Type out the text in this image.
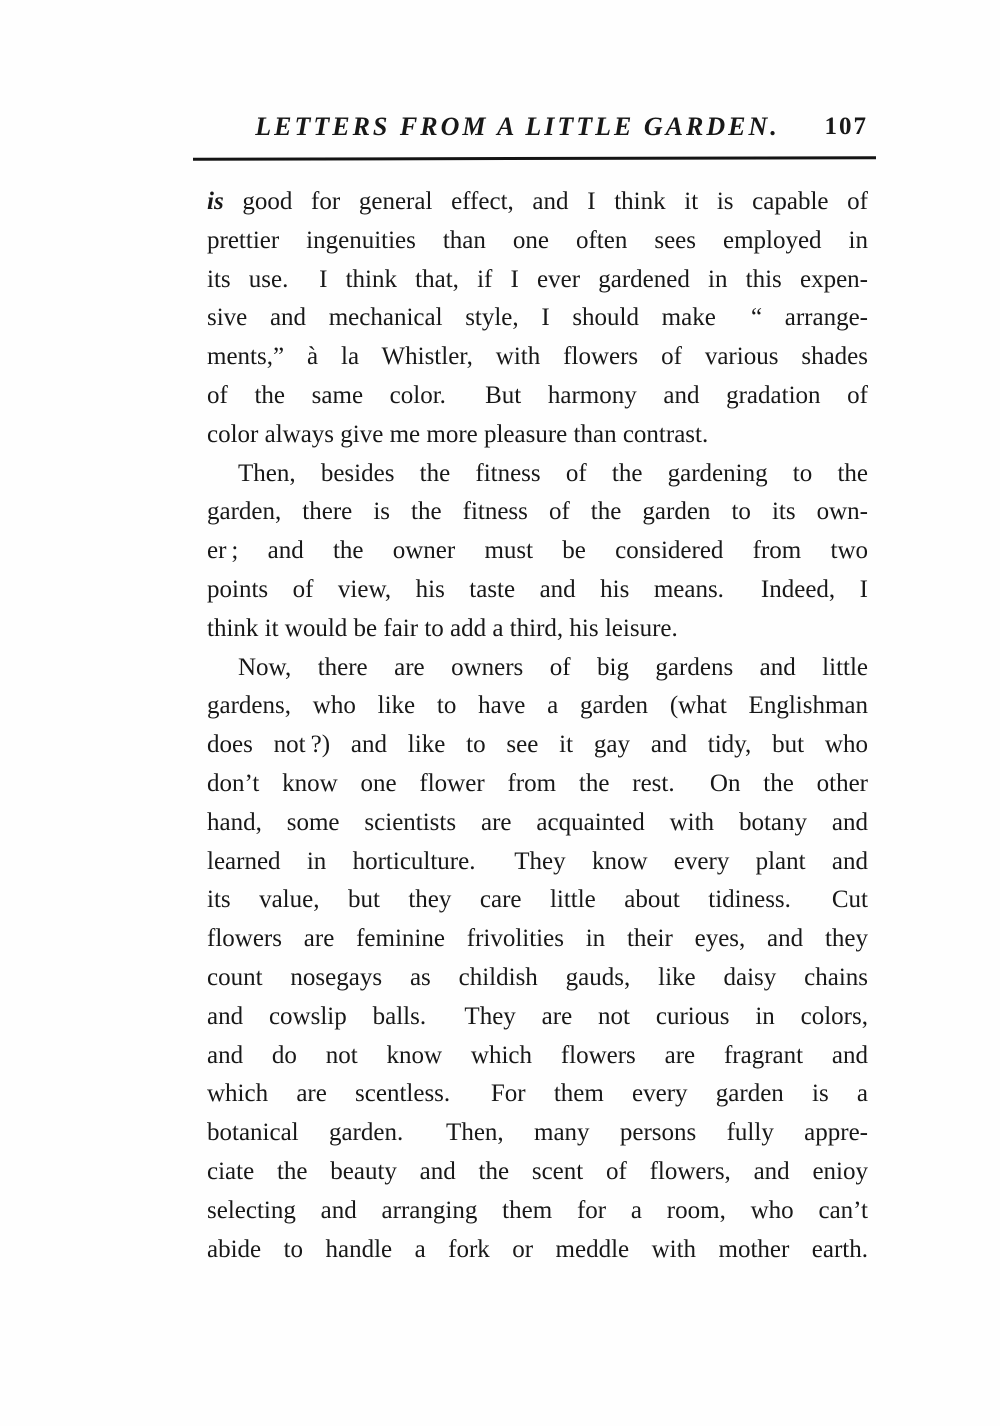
LETTERS FROM A LITTLE GARDEN.	107
is good for general effect, and I think it is capable of
prettier ingenuities than one often sees employed in
its use.  I think that, if I ever gardened in this expen-
sive and mechanical style, I should make  “ arrange-
ments,” à la Whistler, with flowers of various shades
of the same color.  But harmony and gradation of
color always give me more pleasure than contrast.
Then, besides the fitness of the gardening to the
garden, there is the fitness of the garden to its own-
er ; and the owner must be considered from two
points of view, his taste and his means.  Indeed, I
think it would be fair to add a third, his leisure.
Now, there are owners of big gardens and little
gardens, who like to have a garden (what Englishman
does not ?) and like to see it gay and tidy, but who
don’t know one flower from the rest.  On the other
hand, some scientists are acquainted with botany and
learned in horticulture.  They know every plant and
its value, but they care little about tidiness.  Cut
flowers are feminine frivolities in their eyes, and they
count nosegays as childish gauds, like daisy chains
and cowslip balls.  They are not curious in colors,
and do not know which flowers are fragrant and
which are scentless.  For them every garden is a
botanical garden.  Then, many persons fully appre-
ciate the beauty and the scent of flowers, and enioy
selecting and arranging them for a room, who can’t
abide to handle a fork or meddle with mother earth.
